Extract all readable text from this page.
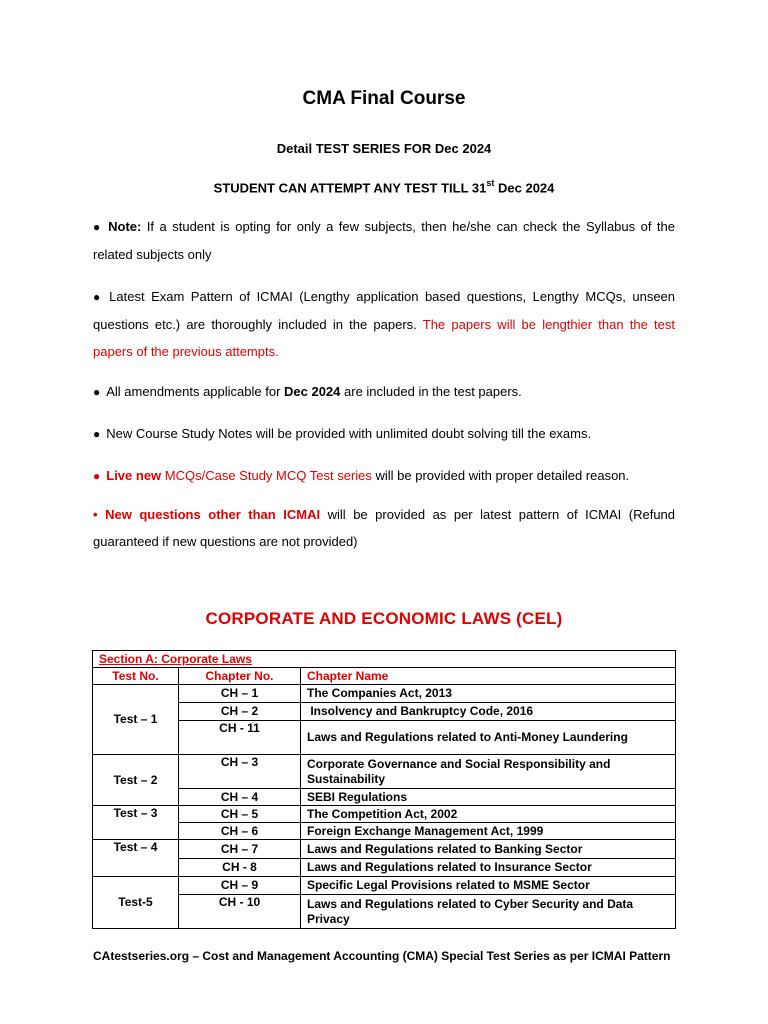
CMA Final Course
Detail TEST SERIES FOR Dec 2024
STUDENT CAN ATTEMPT ANY TEST TILL 31st Dec 2024
● Note: If a student is opting for only a few subjects, then he/she can check the Syllabus of the related subjects only
● Latest Exam Pattern of ICMAI (Lengthy application based questions, Lengthy MCQs, unseen questions etc.) are thoroughly included in the papers. The papers will be lengthier than the test papers of the previous attempts.
● All amendments applicable for Dec 2024 are included in the test papers.
● New Course Study Notes will be provided with unlimited doubt solving till the exams.
● Live new MCQs/Case Study MCQ Test series will be provided with proper detailed reason.
• New questions other than ICMAI will be provided as per latest pattern of ICMAI (Refund guaranteed if new questions are not provided)
CORPORATE AND ECONOMIC LAWS (CEL)
Section A: Corporate Laws		
Test No.	Chapter No.	Chapter Name
Test – 1	CH – 1	The Companies Act, 2013
	CH – 2	Insolvency and Bankruptcy Code, 2016
	CH - 11	Laws and Regulations related to Anti-Money Laundering
Test – 2	CH – 3	Corporate Governance and Social Responsibility and Sustainability
	CH – 4	SEBI Regulations
Test – 3	CH – 5	The Competition Act, 2002
	CH – 6	Foreign Exchange Management Act, 1999
Test – 4	CH – 7	Laws and Regulations related to Banking Sector
	CH - 8	Laws and Regulations related to Insurance Sector
Test-5	CH – 9	Specific Legal Provisions related to MSME Sector
	CH - 10	Laws and Regulations related to Cyber Security and Data Privacy
CAtestseries.org – Cost and Management Accounting (CMA) Special Test Series as per ICMAI Pattern
